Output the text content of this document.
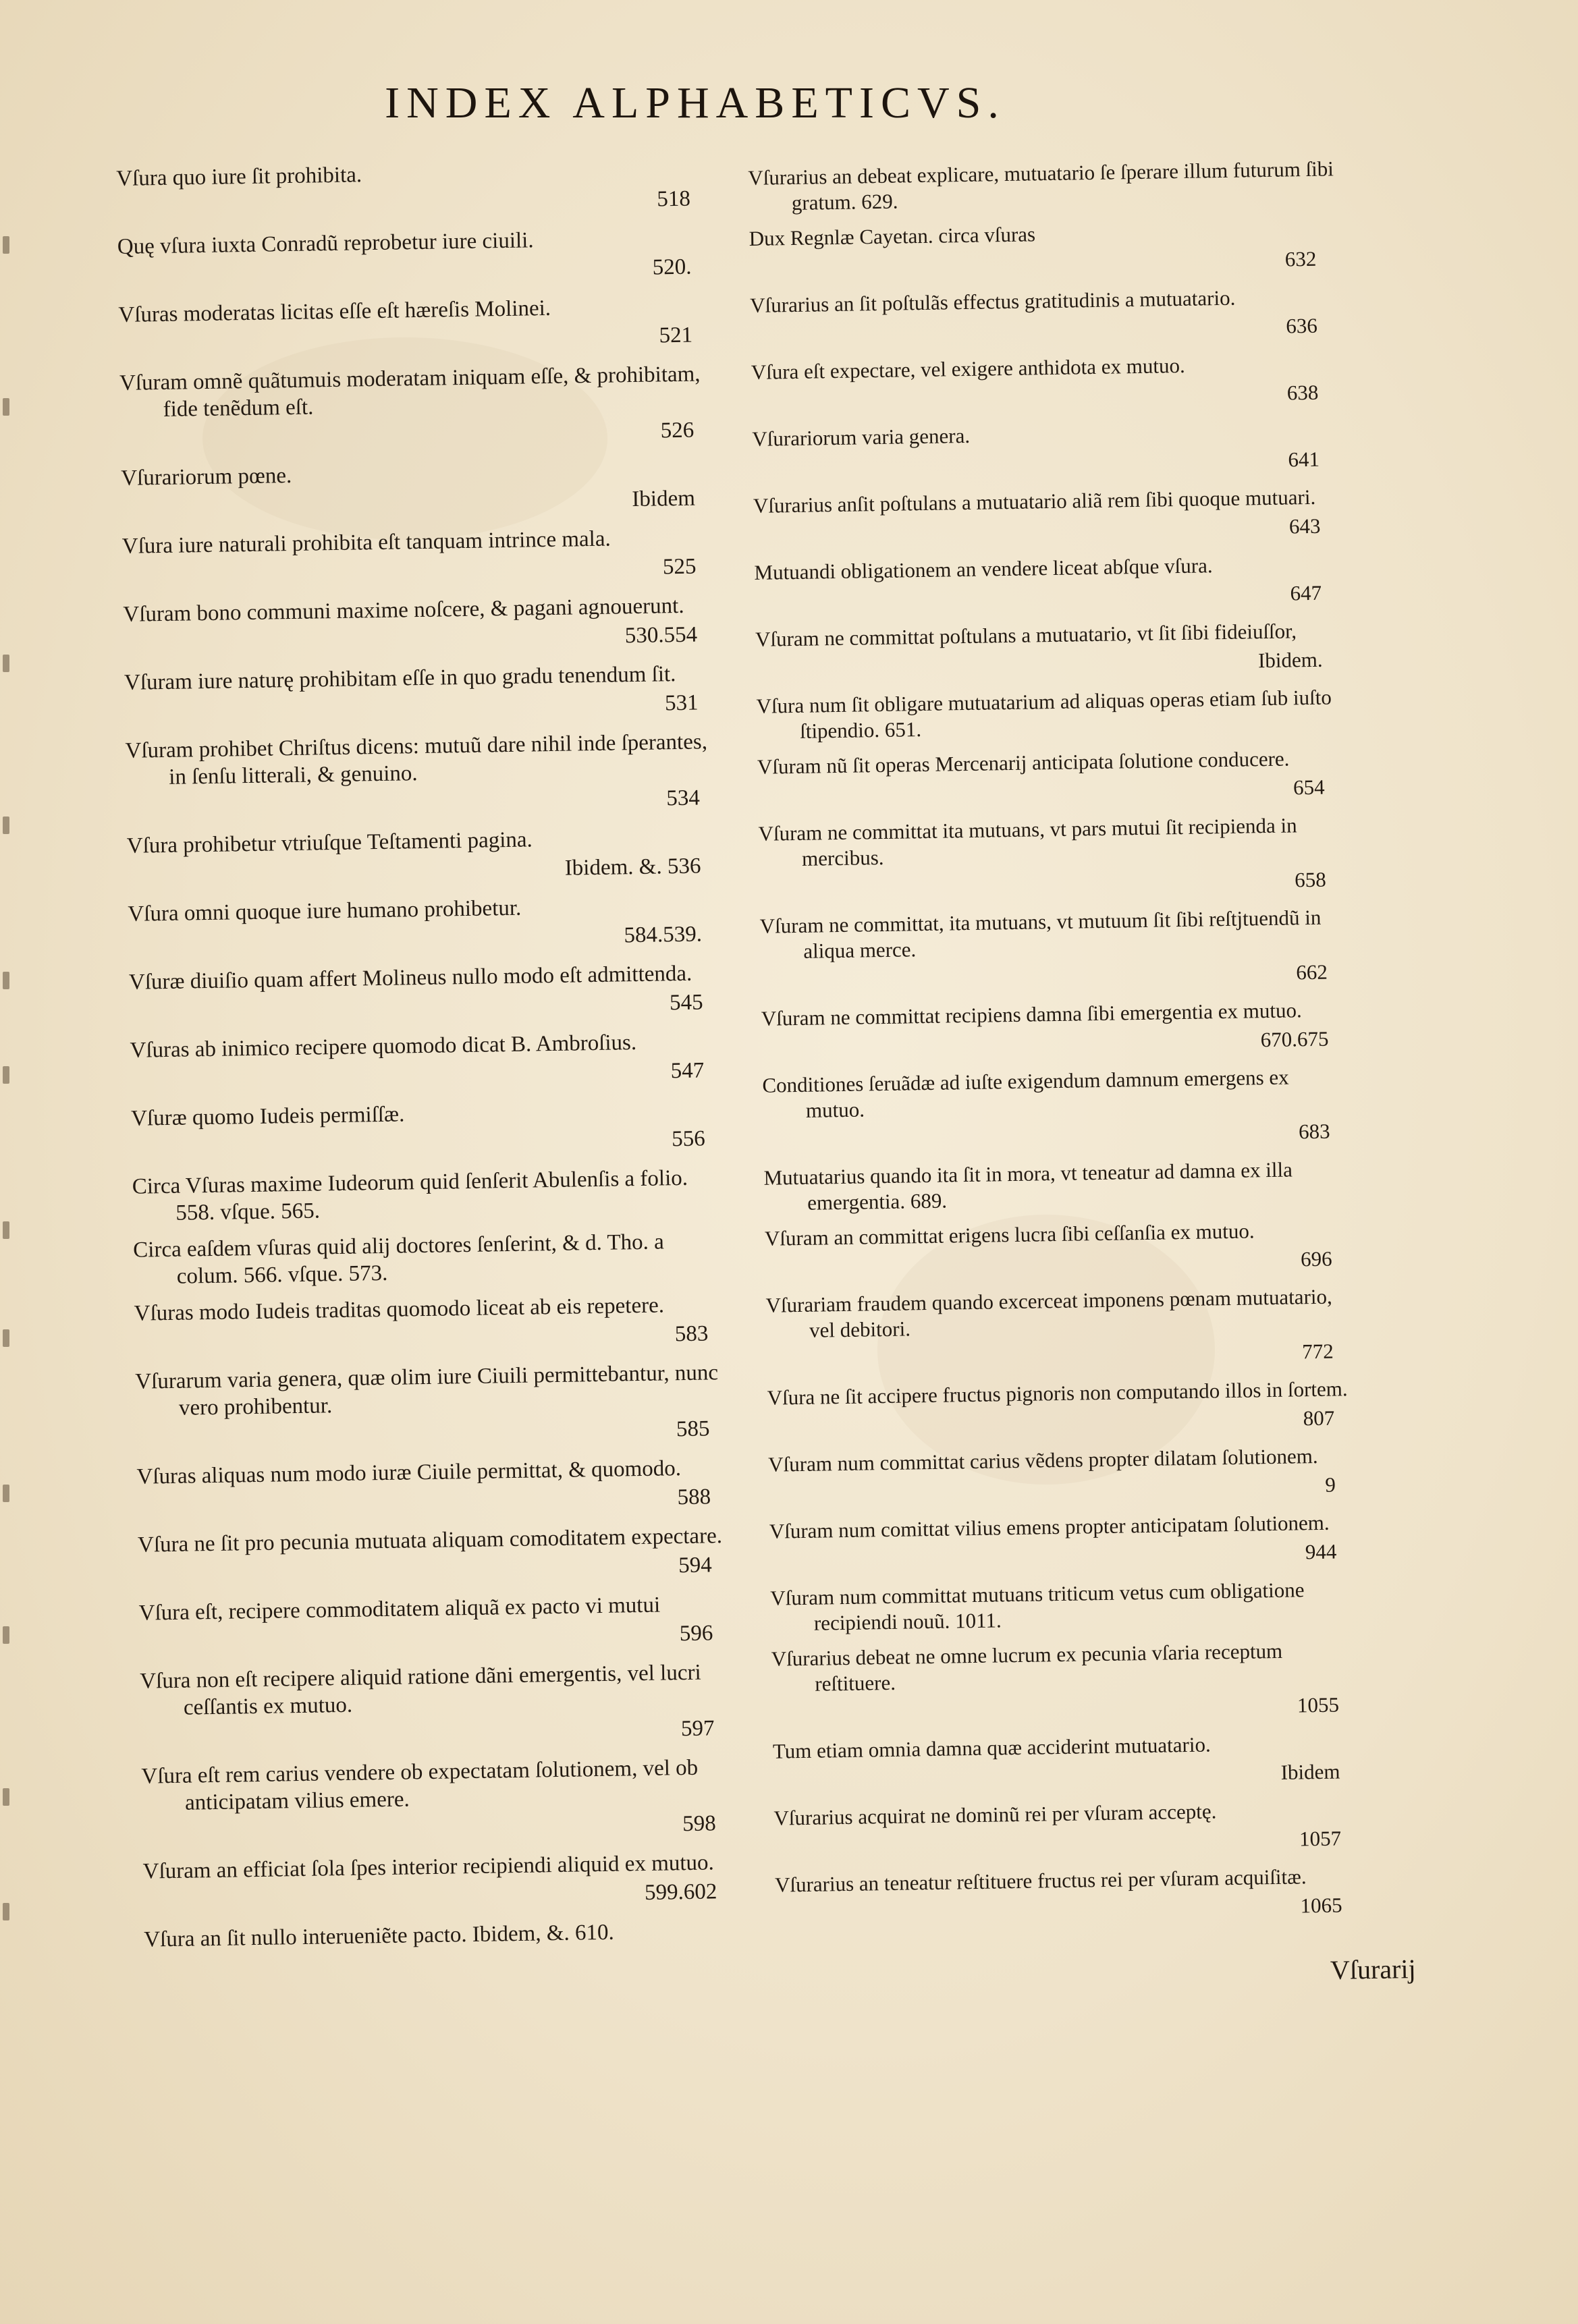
INDEX ALPHABETICVS.
Vſura quo iure ſit prohibita.
518
Quę vſura iuxta Conradũ reprobetur iure ciuili.
520.
Vſuras moderatas licitas eſſe eſt hæreſis Molinei.
521
Vſuram omnẽ quãtumuis moderatam iniquam eſſe, & prohibitam, fide tenẽdum eſt.
526
Vſurariorum pœne.
Ibidem
Vſura iure naturali prohibita eſt tanquam intrince mala.
525
Vſuram bono communi maxime noſcere, & pagani agnouerunt.
530.554
Vſuram iure naturę prohibitam eſſe in quo gradu tenendum ſit.
531
Vſuram prohibet Chriſtus dicens: mutuũ dare nihil inde ſperantes, in ſenſu litterali, & genuino.
534
Vſura prohibetur vtriuſque Teſtamenti pagina.
Ibidem. &. 536
Vſura omni quoque iure humano prohibetur.
584.539.
Vſuræ diuiſio quam affert Molineus nullo modo eſt admittenda.
545
Vſuras ab inimico recipere quomodo dicat B. Ambroſius.
547
Vſuræ quomo Iudeis permiſſæ.
556
Circa Vſuras maxime Iudeorum quid ſenſerit Abulenſis a folio. 558. vſque. 565.
Circa eaſdem vſuras quid alij doctores ſenſerint, & d. Tho. a colum. 566. vſque. 573.
Vſuras modo Iudeis traditas quomodo liceat ab eis repetere.
583
Vſurarum varia genera, quæ olim iure Ciuili permittebantur, nunc vero prohibentur.
585
Vſuras aliquas num modo iuræ Ciuile permittat, & quomodo.
588
Vſura ne ſit pro pecunia mutuata aliquam comoditatem expectare.
594
Vſura eſt, recipere commoditatem aliquã ex pacto vi mutui
596
Vſura non eſt recipere aliquid ratione dãni emergentis, vel lucri ceſſantis ex mutuo.
597
Vſura eſt rem carius vendere ob expectatam ſolutionem, vel ob anticipatam vilius emere.
598
Vſuram an efficiat ſola ſpes interior recipiendi aliquid ex mutuo.
599.602
Vſura an ſit nullo interueniẽte pacto. Ibidem, &. 610.
Vſurarius an debeat explicare, mutuatario ſe ſperare illum futurum ſibi gratum. 629.
Dux Regnlæ Cayetan. circa vſuras
632
Vſurarius an ſit poſtulãs effectus gratitudinis a mutuatario.
636
Vſura eſt expectare, vel exigere anthidota ex mutuo.
638
Vſurariorum varia genera.
641
Vſurarius anſit poſtulans a mutuatario aliã rem ſibi quoque mutuari.
643
Mutuandi obligationem an vendere liceat abſque vſura.
647
Vſuram ne committat poſtulans a mutuatario, vt ſit ſibi fideiuſſor,
Ibidem.
Vſura num ſit obligare mutuatarium ad aliquas operas etiam ſub iuſto ſtipendio. 651.
Vſuram nũ ſit operas Mercenarij anticipata ſolutione conducere.
654
Vſuram ne committat ita mutuans, vt pars mutui ſit recipienda in mercibus.
658
Vſuram ne committat, ita mutuans, vt mutuum ſit ſibi reſtjtuendũ in aliqua merce.
662
Vſuram ne committat recipiens damna ſibi emergentia ex mutuo.
670.675
Conditiones ſeruãdæ ad iuſte exigendum damnum emergens ex mutuo.
683
Mutuatarius quando ita ſit in mora, vt teneatur ad damna ex illa emergentia. 689.
Vſuram an committat erigens lucra ſibi ceſſanſia ex mutuo.
696
Vſurariam fraudem quando excerceat imponens pœnam mutuatario, vel debitori.
772
Vſura ne ſit accipere fructus pignoris non computando illos in ſortem.
807
Vſuram num committat carius vẽdens propter dilatam ſolutionem.
9
Vſuram num comittat vilius emens propter anticipatam ſolutionem.
944
Vſuram num committat mutuans triticum vetus cum obligatione recipiendi nouũ. 1011.
Vſurarius debeat ne omne lucrum ex pecunia vſaria receptum reſtituere.
1055
Tum etiam omnia damna quæ acciderint mutuatario.
Ibidem
Vſurarius acquirat ne dominũ rei per vſuram acceptę.
1057
Vſurarius an teneatur reſtituere fructus rei per vſuram acquiſitæ.
1065
Vſurarij
